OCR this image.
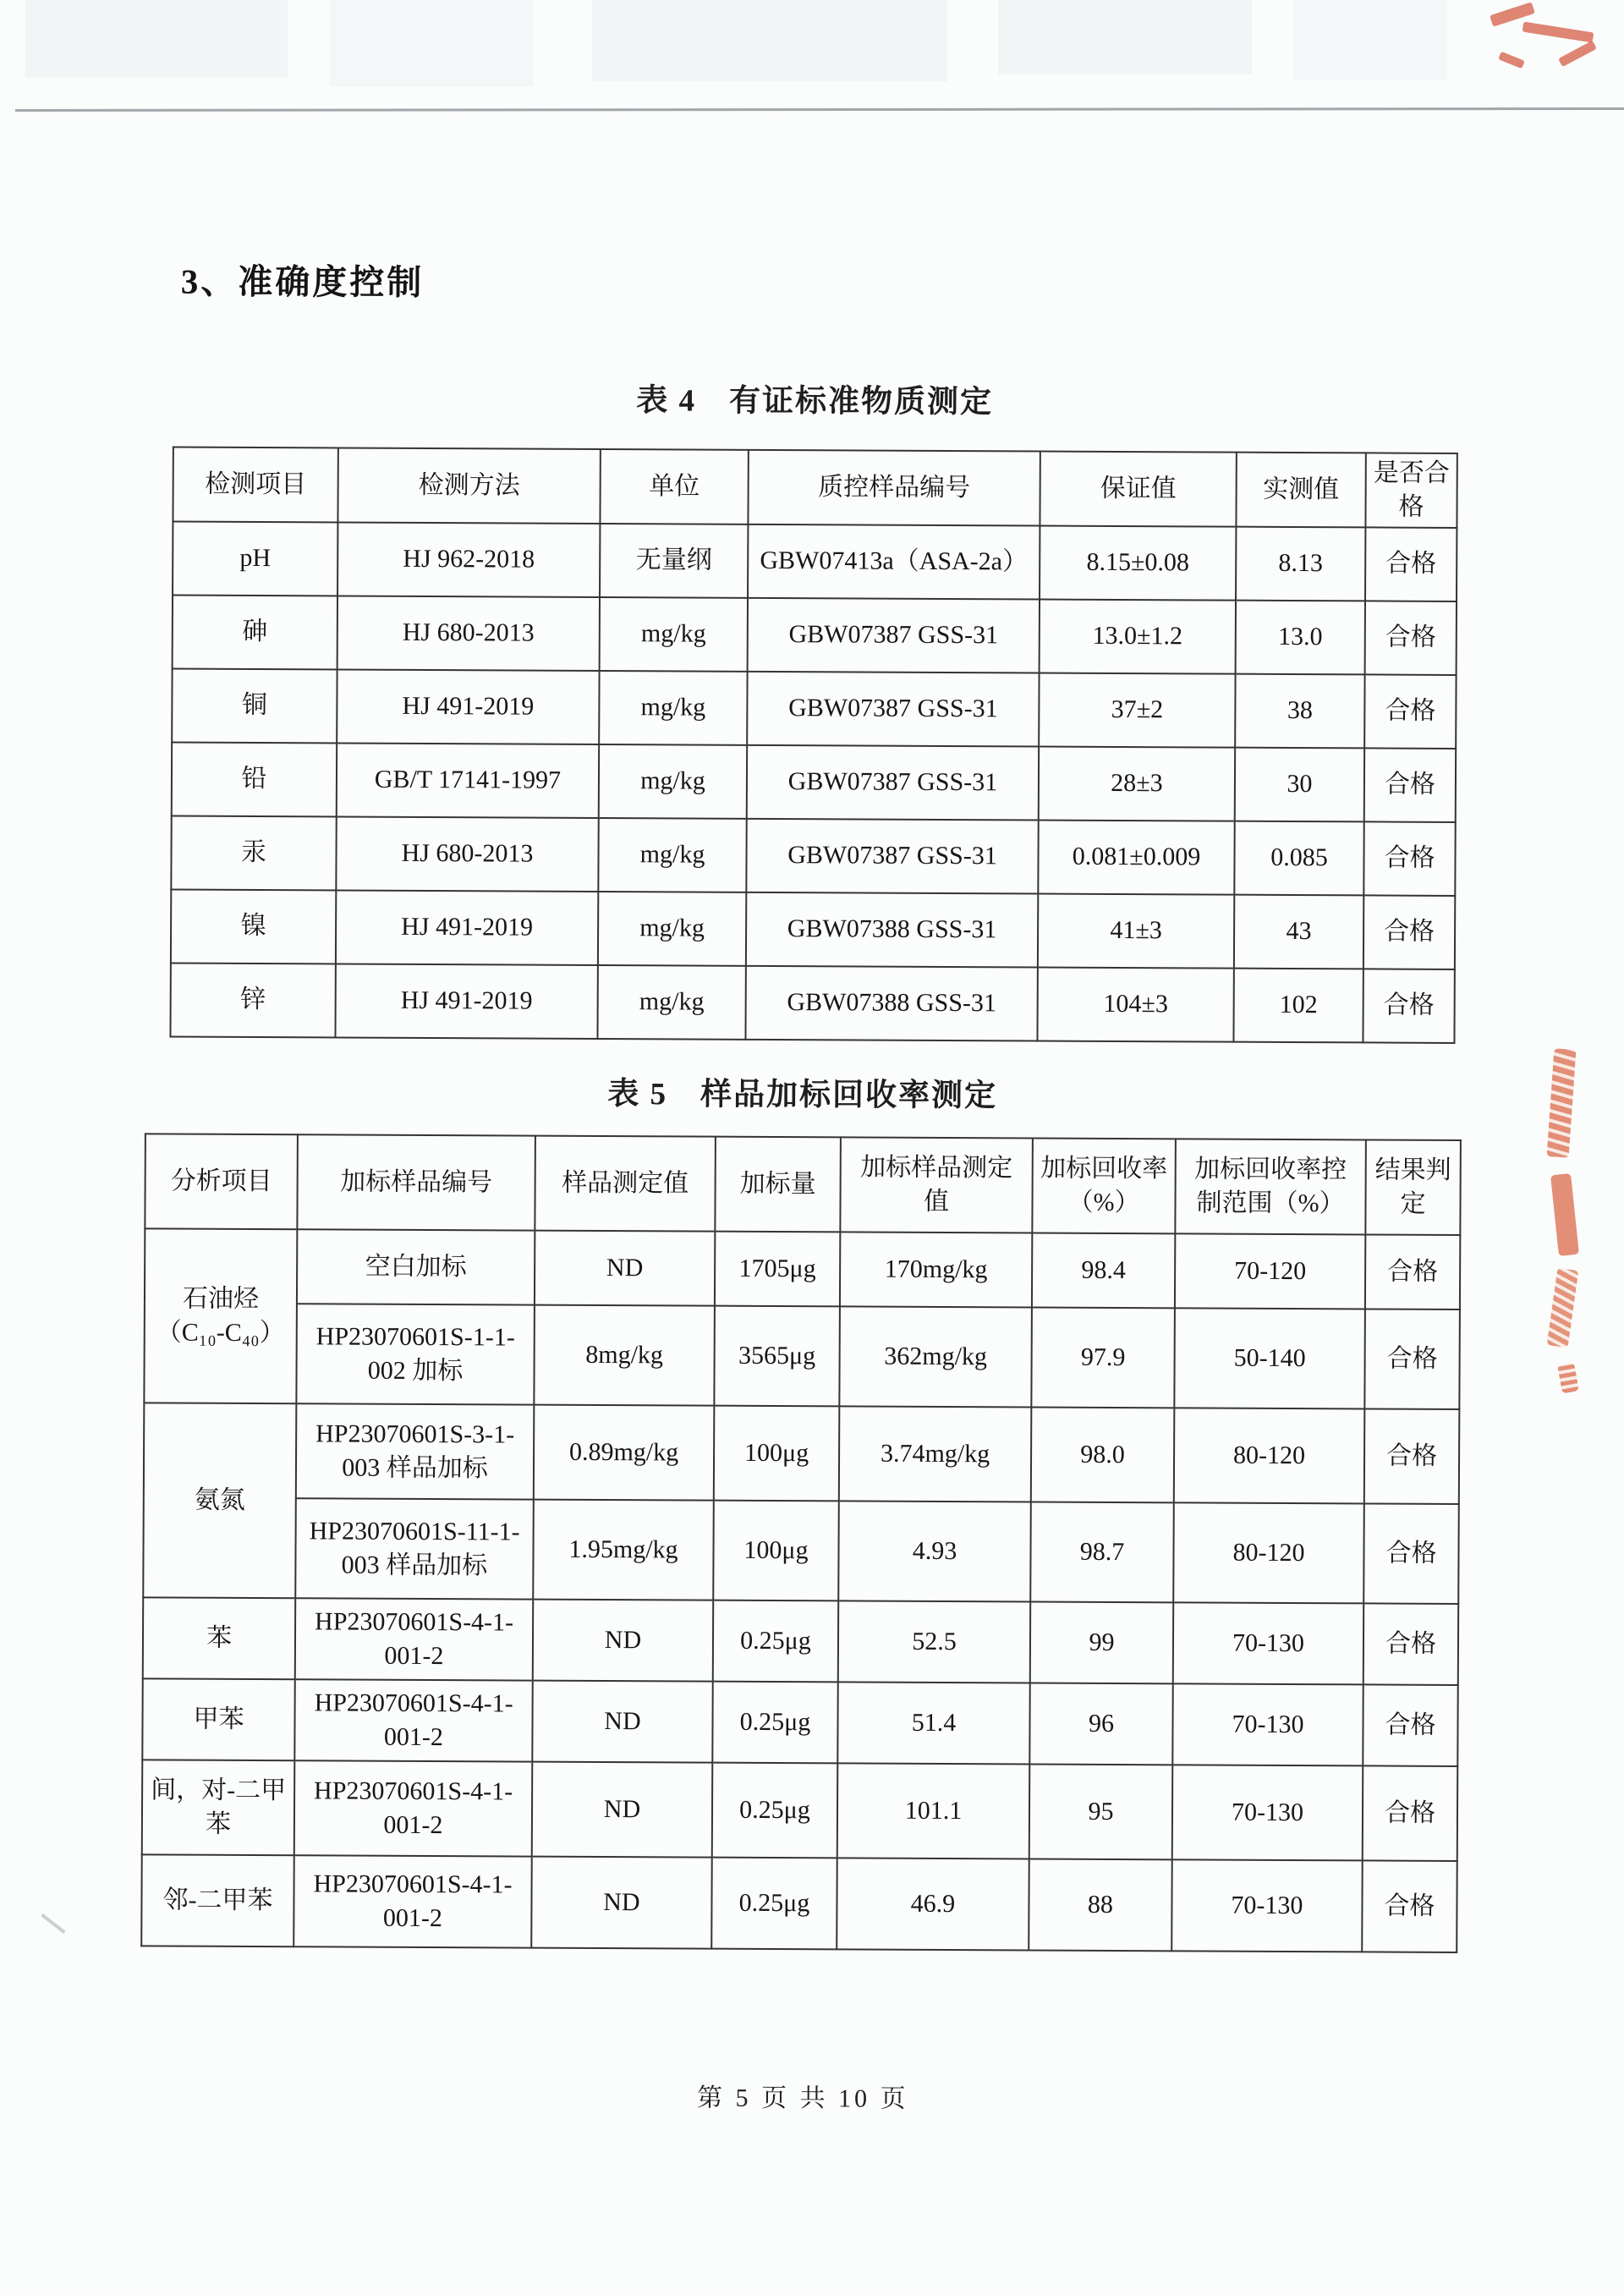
3、准确度控制
表 4　有证标准物质测定
检测项目	检测方法	单位	质控样品编号	保证值	实测值	是否合格
pH	HJ 962-2018	无量纲	GBW07413a（ASA-2a）	8.15±0.08	8.13	合格
砷	HJ 680-2013	mg/kg	GBW07387 GSS-31	13.0±1.2	13.0	合格
铜	HJ 491-2019	mg/kg	GBW07387 GSS-31	37±2	38	合格
铅	GB/T 17141-1997	mg/kg	GBW07387 GSS-31	28±3	30	合格
汞	HJ 680-2013	mg/kg	GBW07387 GSS-31	0.081±0.009	0.085	合格
镍	HJ 491-2019	mg/kg	GBW07388 GSS-31	41±3	43	合格
锌	HJ 491-2019	mg/kg	GBW07388 GSS-31	104±3	102	合格
表 5　样品加标回收率测定
分析项目	加标样品编号	样品测定值	加标量	加标样品测定值	加标回收率（%）	加标回收率控制范围（%）	结果判定
石油烃（C₁₀-C₄₀）	空白加标	ND	1705μg	170mg/kg	98.4	70-120	合格
	HP23070601S-1-1-002 加标	8mg/kg	3565μg	362mg/kg	97.9	50-140	合格
氨氮	HP23070601S-3-1-003 样品加标	0.89mg/kg	100μg	3.74mg/kg	98.0	80-120	合格
	HP23070601S-11-1-003 样品加标	1.95mg/kg	100μg	4.93	98.7	80-120	合格
苯	HP23070601S-4-1-001-2	ND	0.25μg	52.5	99	70-130	合格
甲苯	HP23070601S-4-1-001-2	ND	0.25μg	51.4	96	70-130	合格
间，对-二甲苯	HP23070601S-4-1-001-2	ND	0.25μg	101.1	95	70-130	合格
邻-二甲苯	HP23070601S-4-1-001-2	ND	0.25μg	46.9	88	70-130	合格
第 5 页 共 10 页
